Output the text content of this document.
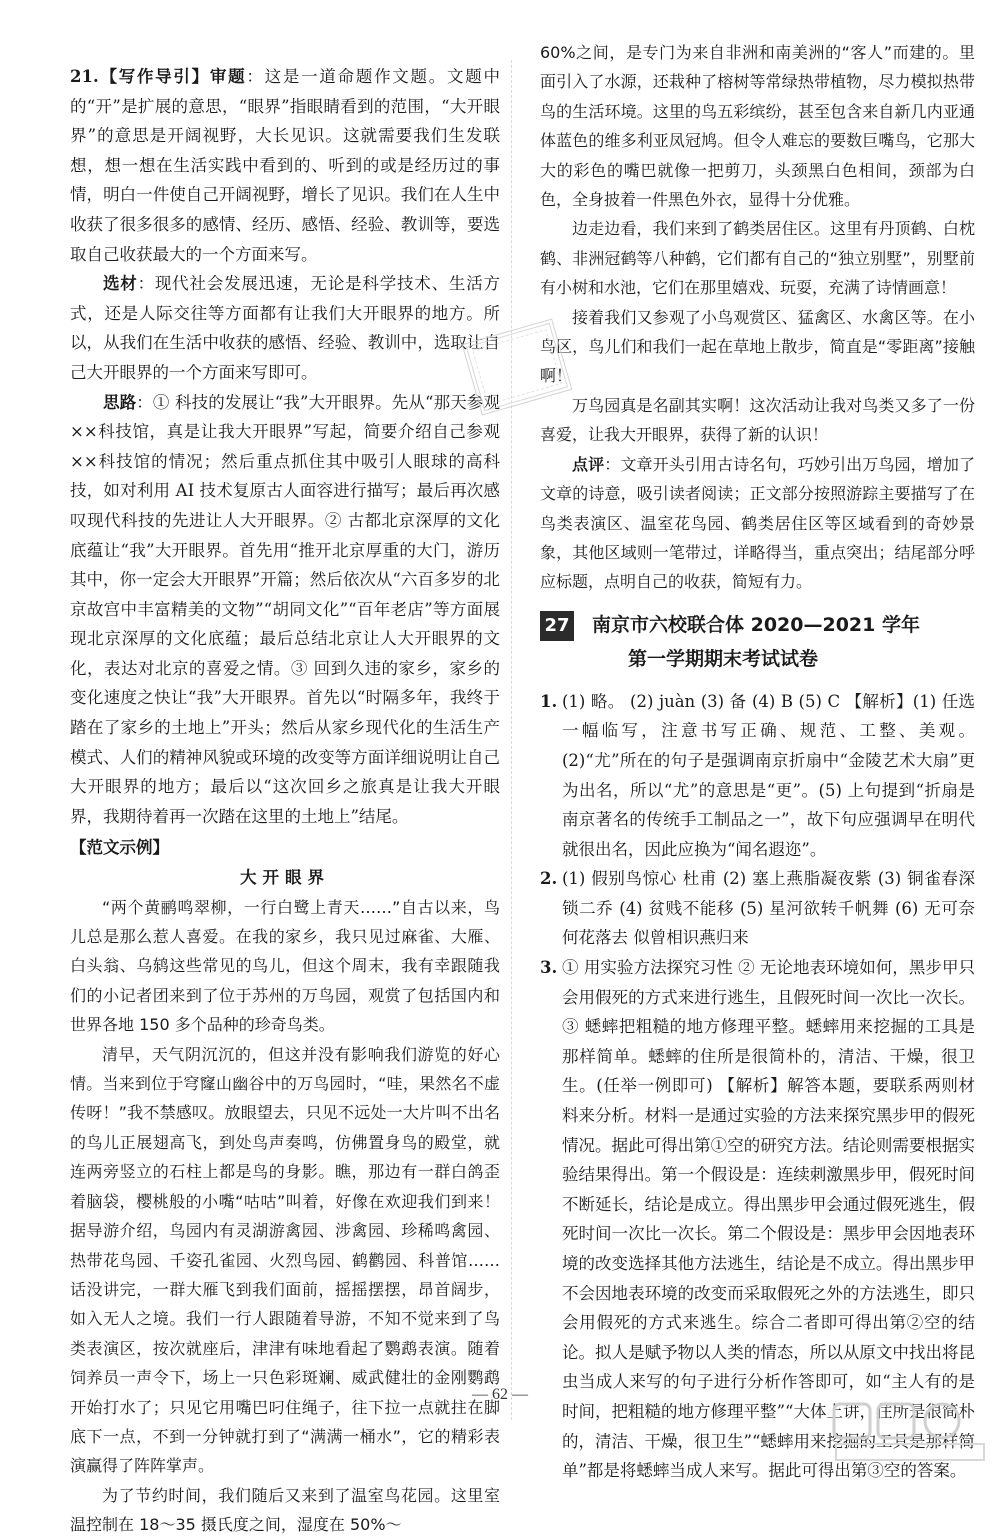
21.【写作导引】审题：这是一道命题作文题。文题中的“开”是扩展的意思，“眼界”指眼睛看到的范围，“大开眼界”的意思是开阔视野，大长见识。这就需要我们生发联想，想一想在生活实践中看到的、听到的或是经历过的事情，明白一件使自己开阔视野，增长了见识。我们在人生中收获了很多很多的感情、经历、感悟、经验、教训等，要选取自己收获最大的一个方面来写。

选材：现代社会发展迅速，无论是科学技术、生活方式，还是人际交往等方面都有让我们大开眼界的地方。所以，从我们在生活中收获的感悟、经验、教训中，选取让自己大开眼界的一个方面来写即可。

思路：① 科技的发展让“我”大开眼界。先从“那天参观××科技馆，真是让我大开眼界”写起，简要介绍自己参观××科技馆的情况；然后重点抓住其中吸引人眼球的高科技，如对利用 AI 技术复原古人面容进行描写；最后再次感叹现代科技的先进让人大开眼界。② 古都北京深厚的文化底蕴让“我”大开眼界。首先用“推开北京厚重的大门，游历其中，你一定会大开眼界”开篇；然后依次从“六百多岁的北京故宫中丰富精美的文物”“胡同文化”“百年老店”等方面展现北京深厚的文化底蕴；最后总结北京让人大开眼界的文化，表达对北京的喜爱之情。③ 回到久违的家乡，家乡的变化速度之快让“我”大开眼界。首先以“时隔多年，我终于踏在了家乡的土地上”开头；然后从家乡现代化的生活生产模式、人们的精神风貌或环境的改变等方面详细说明让自己大开眼界的地方；最后以“这次回乡之旅真是让我大开眼界，我期待着再一次踏在这里的土地上”结尾。

【范文示例】

大开眼界

“两个黄鹂鸣翠柳，一行白鹭上青天……”自古以来，鸟儿总是那么惹人喜爱。在我的家乡，我只见过麻雀、大雁、白头翁、乌鸫这些常见的鸟儿，但这个周末，我有幸跟随我们的小记者团来到了位于苏州的万鸟园，观赏了包括国内和世界各地 150 多个品种的珍奇鸟类。

清早，天气阴沉沉的，但这并没有影响我们游览的好心情。当来到位于穹窿山幽谷中的万鸟园时，“哇，果然名不虚传呀！”我不禁感叹。放眼望去，只见不远处一大片叫不出名的鸟儿正展翅高飞，到处鸟声奏鸣，仿佛置身鸟的殿堂，就连两旁竖立的石柱上都是鸟的身影。瞧，那边有一群白鸽歪着脑袋，樱桃般的小嘴“咕咕”叫着，好像在欢迎我们到来！据导游介绍，鸟园内有灵湖游禽园、涉禽园、珍稀鸣禽园、热带花鸟园、千姿孔雀园、火烈鸟园、鹤鹳园、科普馆……话没讲完，一群大雁飞到我们面前，摇摇摆摆，昂首阔步，如入无人之境。我们一行人跟随着导游，不知不觉来到了鸟类表演区，按次就座后，津津有味地看起了鹦鹉表演。随着饲养员一声令下，场上一只色彩斑斓、威武健壮的金刚鹦鹉开始打水了；只见它用嘴巴叼住绳子，往下拉一点就拄在脚底下一点，不到一分钟就打到了“满满一桶水”，它的精彩表演赢得了阵阵掌声。

为了节约时间，我们随后又来到了温室鸟花园。这里室温控制在 18～35 摄氏度之间，湿度在 50%～

60%之间，是专门为来自非洲和南美洲的“客人”而建的。里面引入了水源，还栽种了榕树等常绿热带植物，尽力模拟热带鸟的生活环境。这里的鸟五彩缤纷，甚至包含来自新几内亚通体蓝色的维多利亚凤冠鸠。但令人难忘的要数巨嘴鸟，它那大大的彩色的嘴巴就像一把剪刀，头颈黑白色相间，颈部为白色，全身披着一件黑色外衣，显得十分优雅。

边走边看，我们来到了鹤类居住区。这里有丹顶鹤、白枕鹤、非洲冠鹤等八种鹤，它们都有自己的“独立别墅”，别墅前有小树和水池，它们在那里嬉戏、玩耍，充满了诗情画意！

接着我们又参观了小鸟观赏区、猛禽区、水禽区等。在小鸟区，鸟儿们和我们一起在草地上散步，简直是“零距离”接触啊！

万鸟园真是名副其实啊！这次活动让我对鸟类又多了一份喜爱，让我大开眼界，获得了新的认识！

点评：文章开头引用古诗名句，巧妙引出万鸟园，增加了文章的诗意，吸引读者阅读；正文部分按照游踪主要描写了在鸟类表演区、温室花鸟园、鹤类居住区等区域看到的奇妙景象，其他区域则一笔带过，详略得当，重点突出；结尾部分呼应标题，点明自己的收获，简短有力。

27 南京市六校联合体 2020—2021 学年
第一学期期末考试试卷

1. (1) 略。 (2) juàn (3) 备 (4) B (5) C 【解析】(1) 任选一幅临写，注意书写正确、规范、工整、美观。(2)“尤”所在的句子是强调南京折扇中“金陵艺术大扇”更为出名，所以“尤”的意思是“更”。(5) 上句提到“折扇是南京著名的传统手工制品之一”，故下句应强调早在明代就很出名，因此应换为“闻名遐迩”。

2. (1) 假别鸟惊心 杜甫 (2) 塞上燕脂凝夜紫 (3) 铜雀春深锁二乔 (4) 贫贱不能移 (5) 星河欲转千帆舞 (6) 无可奈何花落去 似曾相识燕归来

3. ① 用实验方法探究习性 ② 无论地表环境如何，黑步甲只会用假死的方式来进行逃生，且假死时间一次比一次长。③ 蟋蟀把粗糙的地方修理平整。蟋蟀用来挖掘的工具是那样简单。蟋蟀的住所是很简朴的，清洁、干燥，很卫生。(任举一例即可) 【解析】解答本题，要联系两则材料来分析。材料一是通过实验的方法来探究黑步甲的假死情况。据此可得出第①空的研究方法。结论则需要根据实验结果得出。第一个假设是：连续刺激黑步甲，假死时间不断延长，结论是成立。得出黑步甲会通过假死逃生，假死时间一次比一次长。第二个假设是：黑步甲会因地表环境的改变选择其他方法逃生，结论是不成立。得出黑步甲不会因地表环境的改变而采取假死之外的方法逃生，即只会用假死的方式来逃生。综合二者即可得出第②空的结论。拟人是赋予物以人类的情态，所以从原文中找出将昆虫当成人来写的句子进行分析作答即可，如“主人有的是时间，把粗糙的地方修理平整”“大体上讲，住所是很简朴的，清洁、干燥，很卫生”“蟋蟀用来挖掘的工具是那样简单”都是将蟋蟀当成人来写。据此可得出第③空的答案。

— 62 —
